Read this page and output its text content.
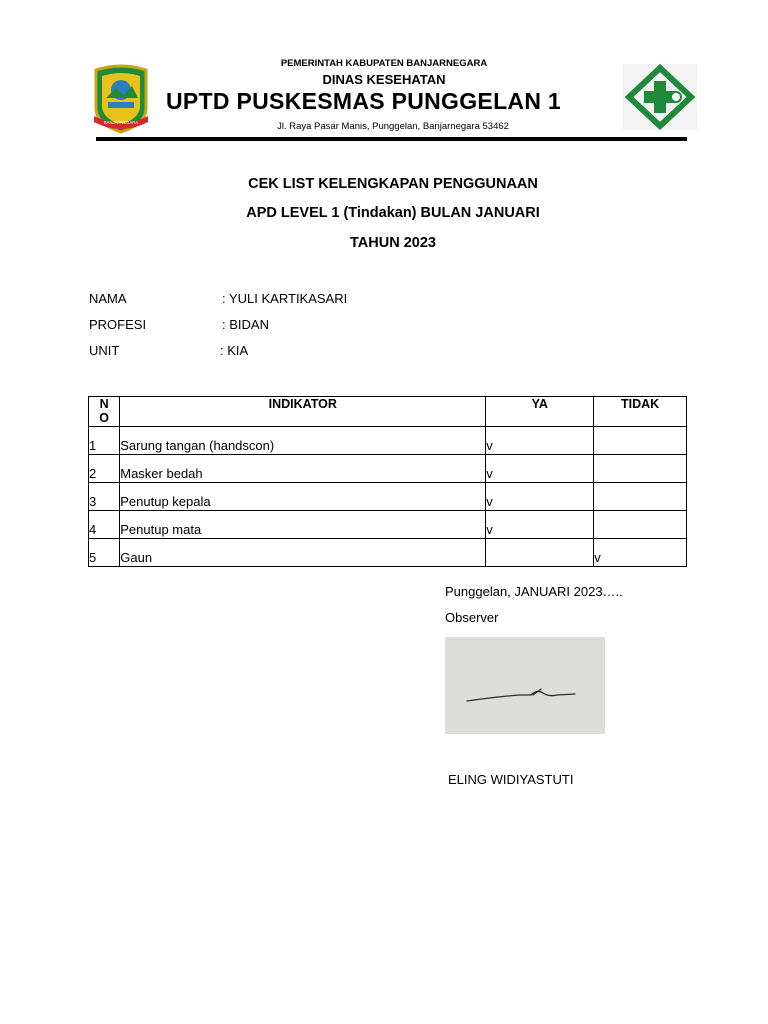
BANJARNEGARA
PEMERINTAH KABUPATEN BANJARNEGARA
DINAS KESEHATAN
UPTD PUSKESMAS PUNGGELAN 1
Jl. Raya Pasar Manis, Punggelan, Banjarnegara 53462
CEK LIST KELENGKAPAN PENGGUNAAN
APD LEVEL 1 (Tindakan) BULAN JANUARI
TAHUN 2023
NAMA	: YULI KARTIKASARI
PROFESI	: BIDAN
UNIT	: KIA
N
O	INDIKATOR	YA	TIDAK
1	Sarung tangan (handscon)	v	
2	Masker bedah	v	
3	Penutup kepala	v	
4	Penutup mata	v	
5	Gaun		v
Punggelan, JANUARI 2023…..
Observer
ELING WIDIYASTUTI
